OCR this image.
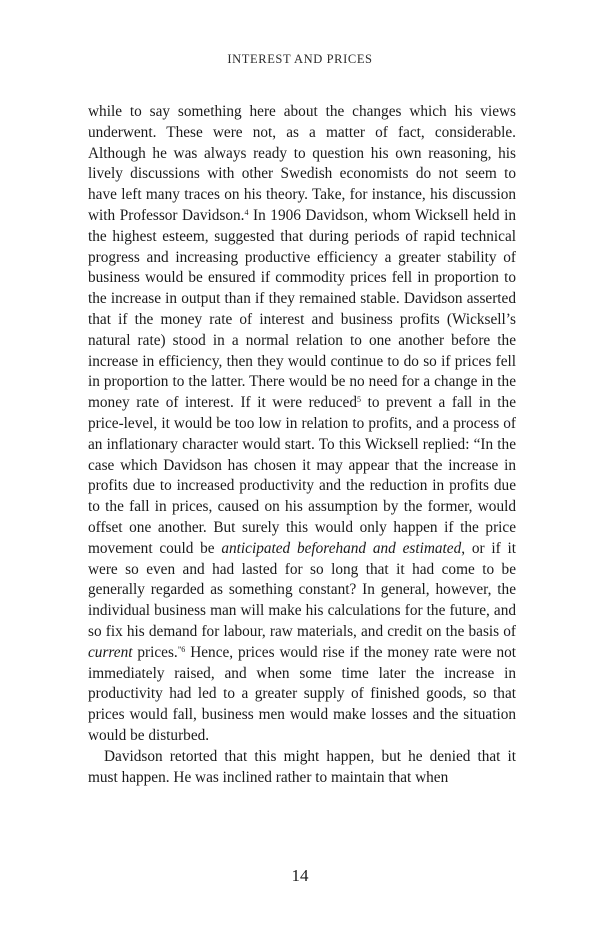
INTEREST AND PRICES

while to say something here about the changes which his views underwent. These were not, as a matter of fact, considerable. Although he was always ready to question his own reasoning, his lively discussions with other Swedish economists do not seem to have left many traces on his theory. Take, for instance, his discussion with Professor Davidson.$^4$ In 1906 Davidson, whom Wicksell held in the highest esteem, suggested that during periods of rapid technical progress and increasing productive efficiency a greater stability of business would be ensured if commodity prices fell in proportion to the increase in output than if they remained stable. Davidson asserted that if the money rate of interest and business profits (Wicksell’s natural rate) stood in a normal relation to one another before the increase in efficiency, then they would continue to do so if prices fell in proportion to the latter. There would be no need for a change in the money rate of interest. If it were reduced$^5$ to prevent a fall in the price-level, it would be too low in relation to profits, and a process of an inflationary character would start. To this Wicksell replied: “In the case which Davidson has chosen it may appear that the increase in profits due to increased productivity and the reduction in profits due to the fall in prices, caused on his assumption by the former, would offset one another. But surely this would only happen if the price movement could be anticipated beforehand and estimated, or if it were so even and had lasted for so long that it had come to be generally regarded as something constant? In general, however, the individual business man will make his calculations for the future, and so fix his demand for labour, raw materials, and credit on the basis of current prices.$^{”6}$ Hence, prices would rise if the money rate were not immediately raised, and when some time later the increase in productivity had led to a greater supply of finished goods, so that prices would fall, business men would make losses and the situation would be disturbed.

Davidson retorted that this might happen, but he denied that it must happen. He was inclined rather to maintain that when

14
